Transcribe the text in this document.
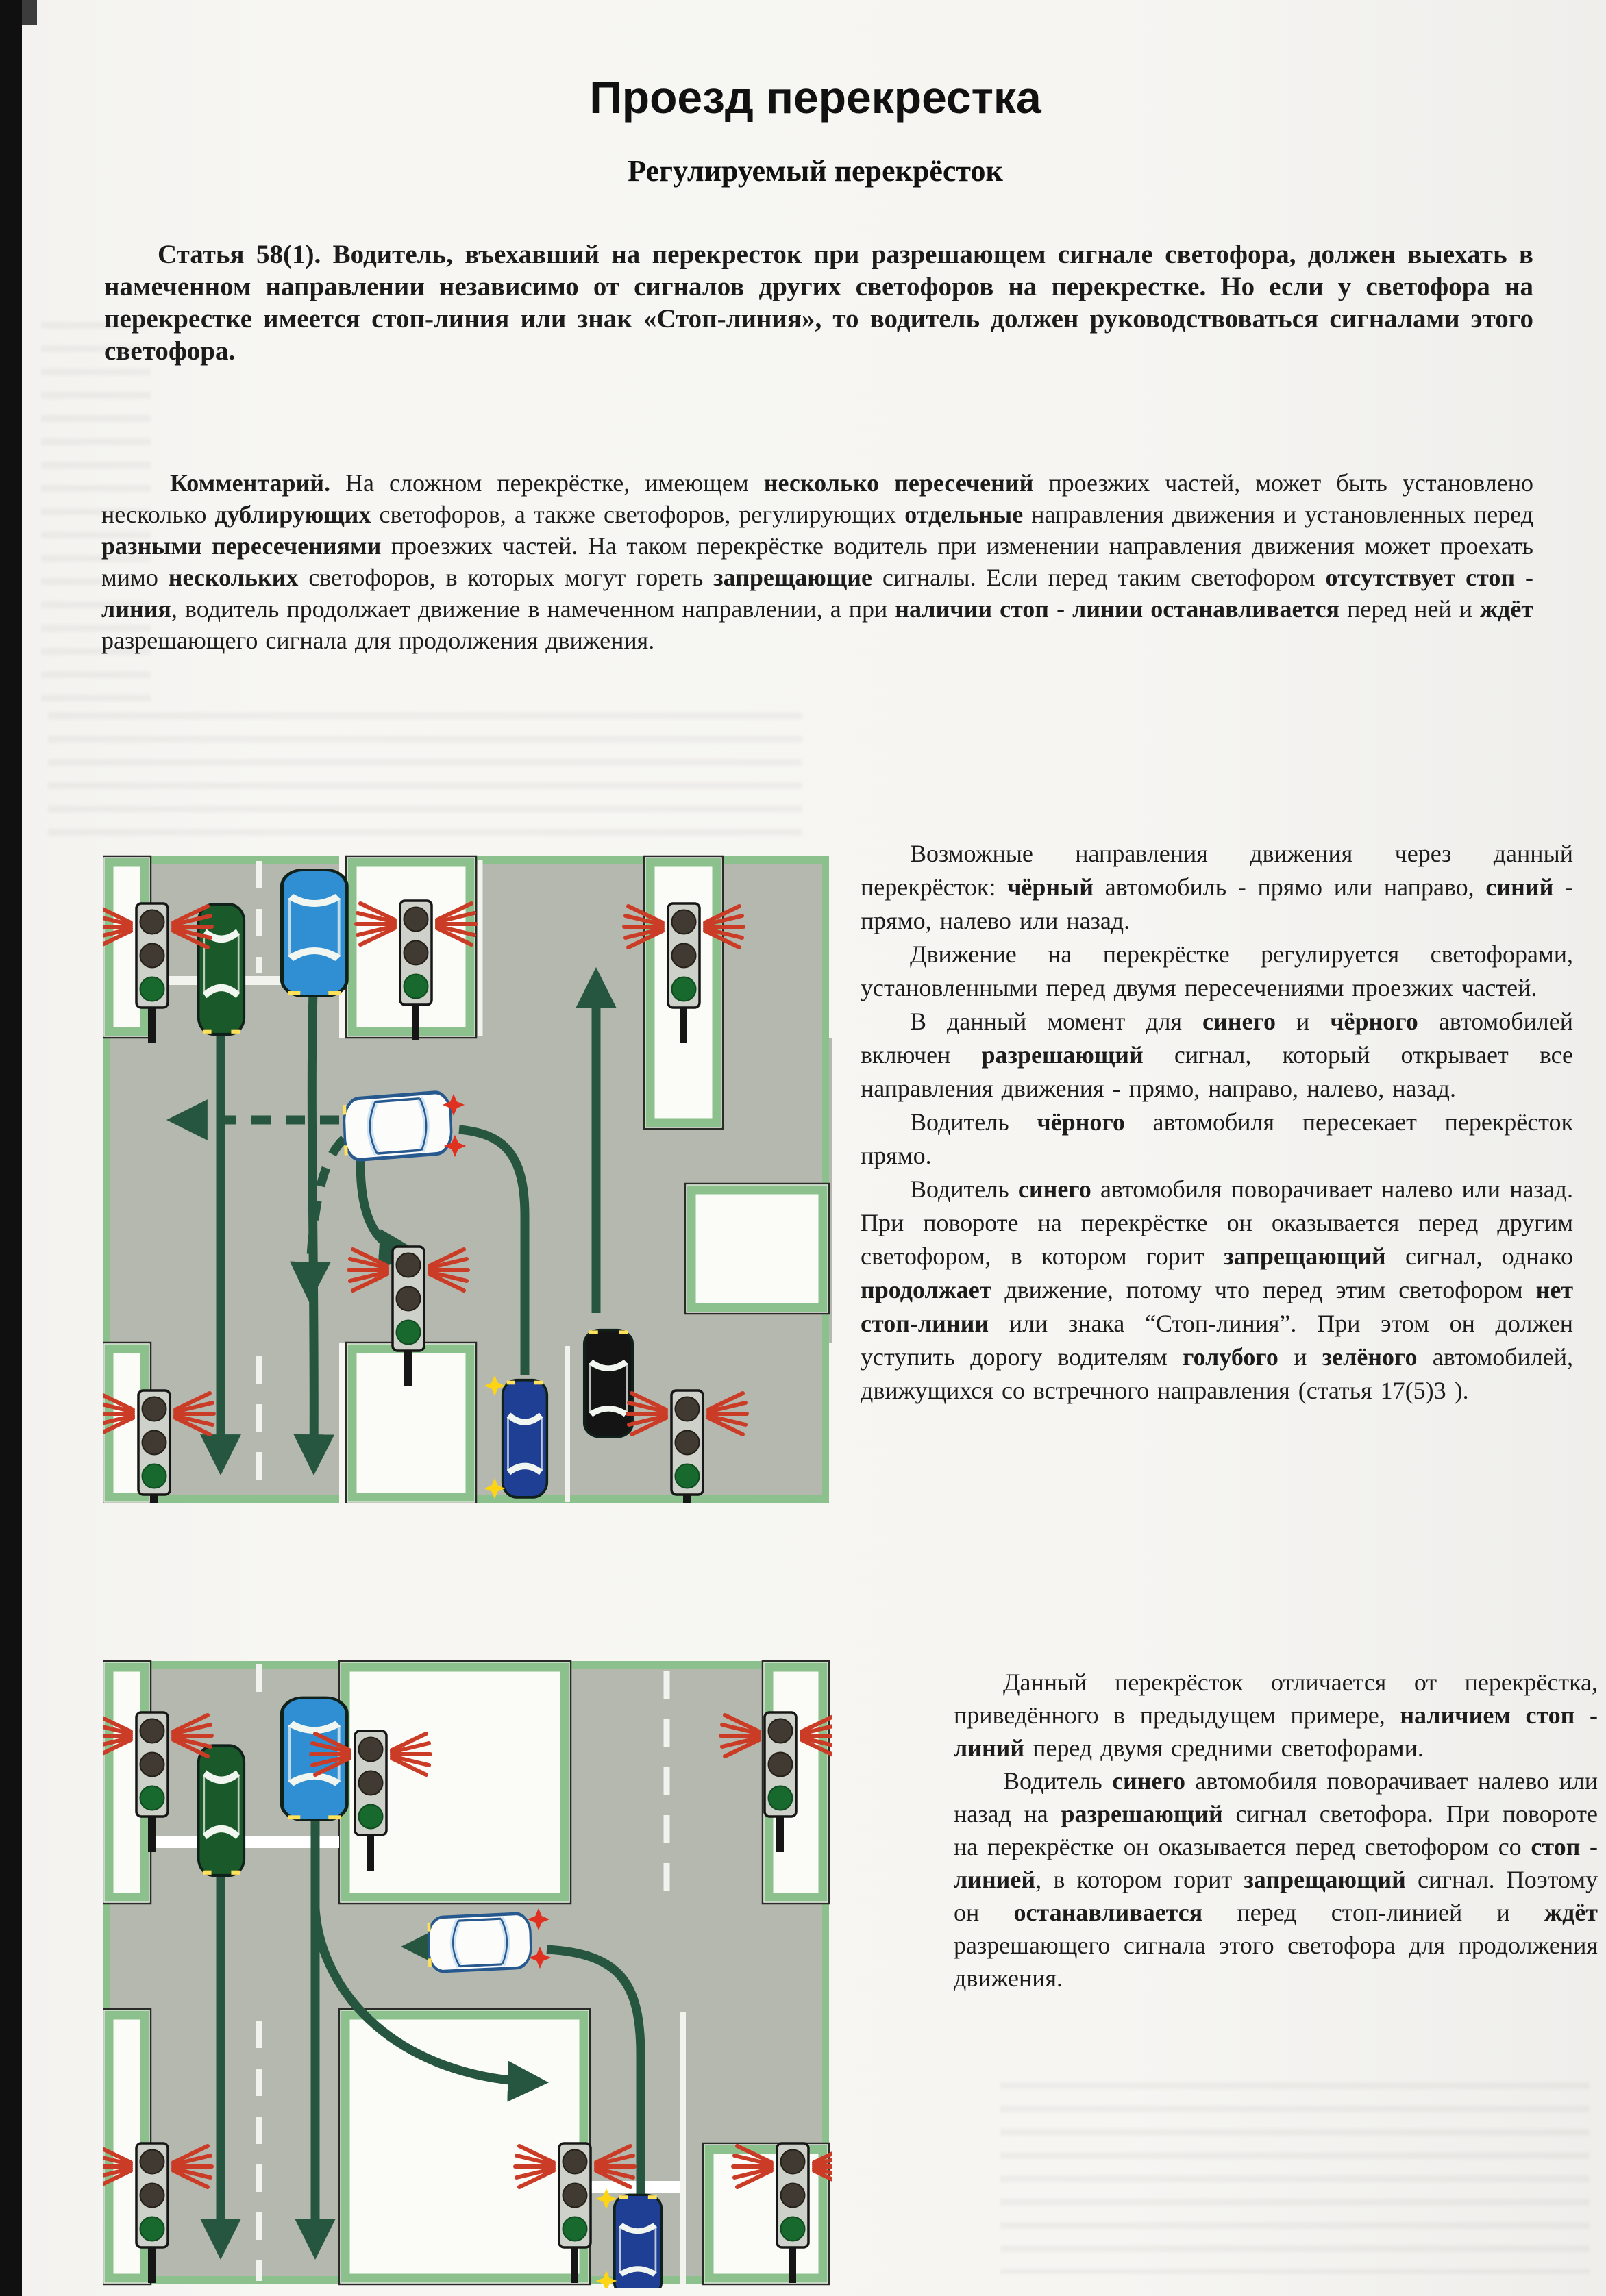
Проезд перекрестка
Регулируемый перекрёсток
Статья 58(1). Водитель, въехавший на перекресток при разрешающем сигнале светофора, должен выехать в намеченном направлении независимо от сигналов других светофоров на перекрестке. Но если у светофора на перекрестке имеется стоп-линия или знак «Стоп-линия», то водитель должен руководствоваться сигналами этого светофора.
Комментарий. На сложном перекрёстке, имеющем несколько пересечений проезжих частей, может быть установлено несколько дублирующих светофоров, а также светофоров, регулирующих отдельные направления движения и установленных перед разными пересечениями проезжих частей. На таком перекрёстке водитель при изменении направления движения может проехать мимо нескольких светофоров, в которых могут гореть запрещающие сигналы. Если перед таким светофором отсутствует стоп - линия, водитель продолжает движение в намеченном направлении, а при наличии стоп - линии останавливается перед ней и ждёт разрешающего сигнала для продолжения движения.

Возможные направления движения через данный перекрёсток: чёрный автомобиль - прямо или направо, синий - прямо, налево или назад.

Движение на перекрёстке регулируется светофорами, установленными перед двумя пересечениями проезжих частей.

В данный момент для синего и чёрного автомобилей включен разрешающий сигнал, который открывает все направления движения - прямо, направо, налево, назад.

Водитель чёрного автомобиля пересекает перекрёсток прямо.

Водитель синего автомобиля поворачивает налево или назад. При повороте на перекрёстке он оказывается перед другим светофором, в котором горит запрещающий сигнал, однако продолжает движение, потому что перед этим светофором нет стоп-линии или знака “Стоп-линия”. При этом он должен уступить дорогу водителям голубого и зелёного автомобилей, движущихся со встречного направления (статья 17(5)3 ).

Данный перекрёсток отличается от перекрёстка, приведённого в предыдущем примере, наличием стоп - линий перед двумя средними светофорами.

Водитель синего автомобиля поворачивает налево или назад на разрешающий сигнал светофора. При повороте на перекрёстке он оказывается перед светофором со стоп - линией, в котором горит запрещающий сигнал. Поэтому он останавливается перед стоп-линией и ждёт разрешающего сигнала этого светофора для продолжения движения.
